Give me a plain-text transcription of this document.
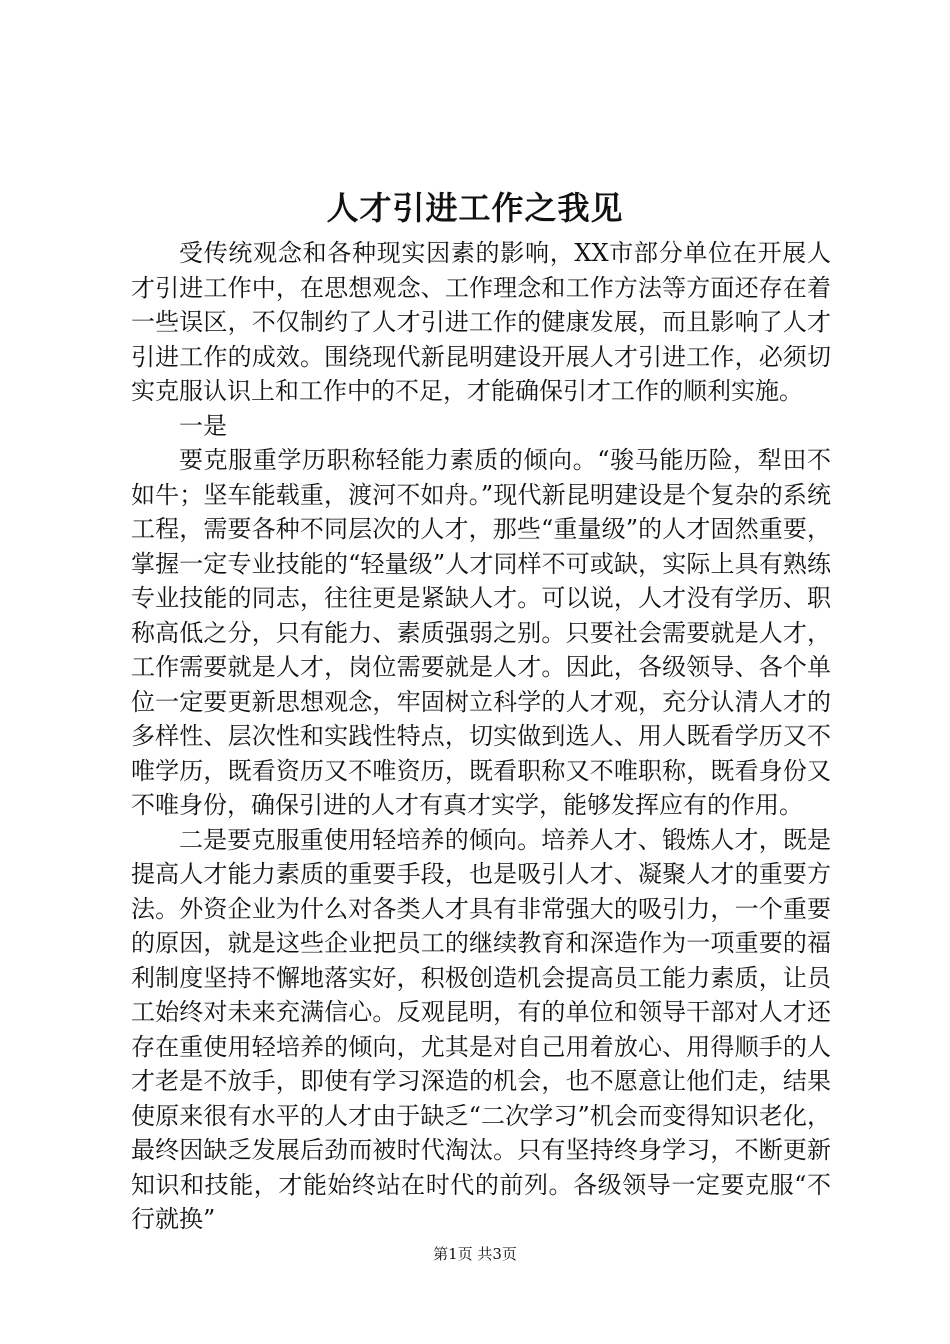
人才引进工作之我见

受传统观念和各种现实因素的影响，XX市部分单位在开展人才引进工作中，在思想观念、工作理念和工作方法等方面还存在着一些误区，不仅制约了人才引进工作的健康发展，而且影响了人才引进工作的成效。围绕现代新昆明建设开展人才引进工作，必须切实克服认识上和工作中的不足，才能确保引才工作的顺利实施。

一是

要克服重学历职称轻能力素质的倾向。“骏马能历险，犁田不如牛；坚车能载重，渡河不如舟。”现代新昆明建设是个复杂的系统工程，需要各种不同层次的人才，那些“重量级”的人才固然重要，掌握一定专业技能的“轻量级”人才同样不可或缺，实际上具有熟练专业技能的同志，往往更是紧缺人才。可以说，人才没有学历、职称高低之分，只有能力、素质强弱之别。只要社会需要就是人才，工作需要就是人才，岗位需要就是人才。因此，各级领导、各个单位一定要更新思想观念，牢固树立科学的人才观，充分认清人才的多样性、层次性和实践性特点，切实做到选人、用人既看学历又不唯学历，既看资历又不唯资历，既看职称又不唯职称，既看身份又不唯身份，确保引进的人才有真才实学，能够发挥应有的作用。

二是要克服重使用轻培养的倾向。培养人才、锻炼人才，既是提高人才能力素质的重要手段，也是吸引人才、凝聚人才的重要方法。外资企业为什么对各类人才具有非常强大的吸引力，一个重要的原因，就是这些企业把员工的继续教育和深造作为一项重要的福利制度坚持不懈地落实好，积极创造机会提高员工能力素质，让员工始终对未来充满信心。反观昆明，有的单位和领导干部对人才还存在重使用轻培养的倾向，尤其是对自己用着放心、用得顺手的人才老是不放手，即使有学习深造的机会，也不愿意让他们走，结果使原来很有水平的人才由于缺乏“二次学习”机会而变得知识老化，最终因缺乏发展后劲而被时代淘汰。只有坚持终身学习，不断更新知识和技能，才能始终站在时代的前列。各级领导一定要克服“不行就换”

第1页 共3页
